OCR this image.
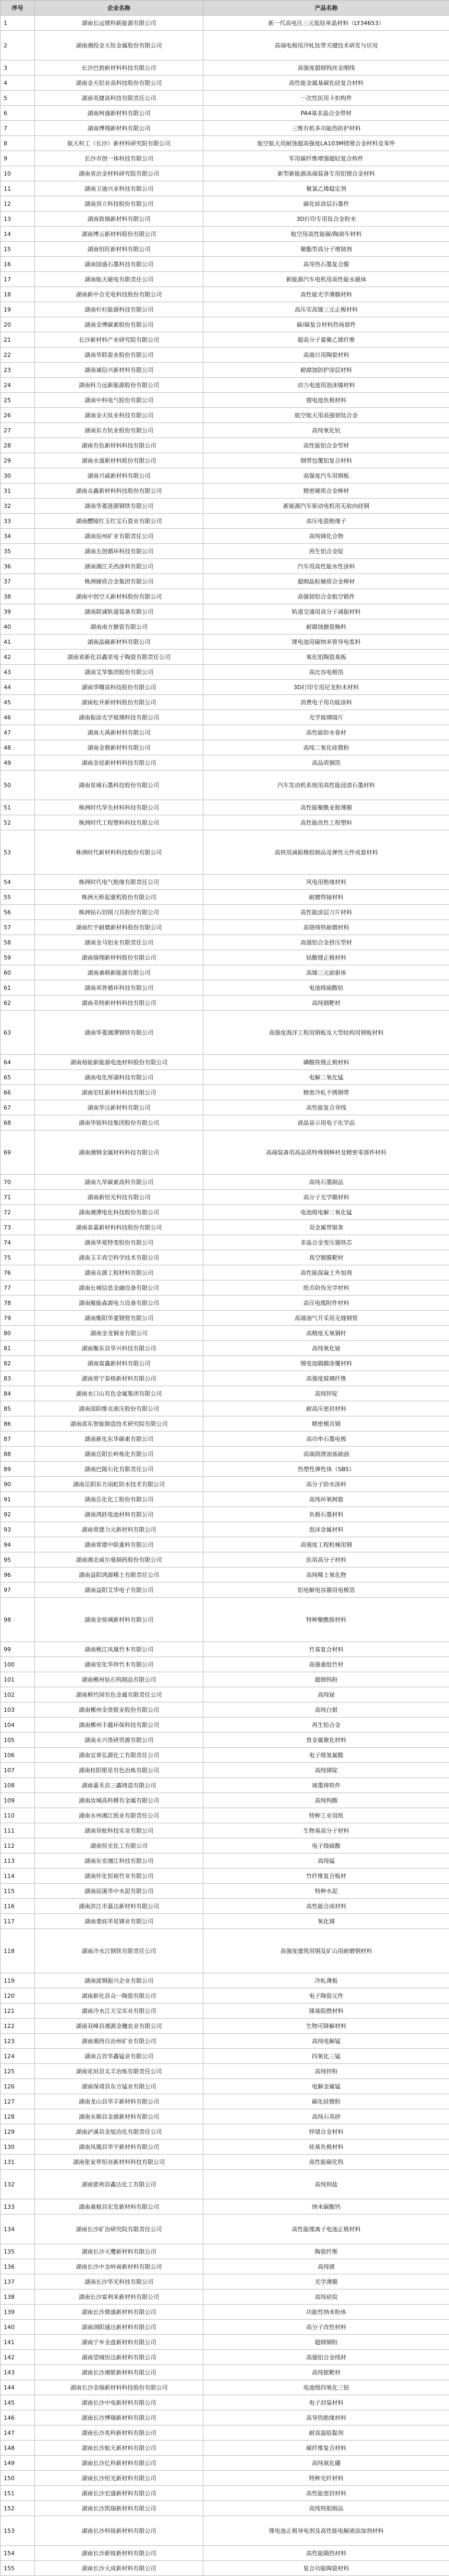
序号	企业名称	产品名称
1	湖南长远锂科新能源有限公司	新一代高电压三元低钴单晶材料（LY34653）
2	湖南湘投金天钛金属股份有限公司	高端电极用冷轧钛带关键技术研发与应用
3	长沙巴勃新材料科技有限公司	高强度超细钨丝金刚线
4	湖南金天铝业高科技股份有限公司	高性能金属基碳化硅复合材料
5	湖南英捷高科技有限责任公司	一次性医用卡扣构件
6	湖南柯盛新材料有限公司	PA4基非晶合金带材
7	湖南博翔新材料有限公司	三维有机多功能热防护材料
8	航天科工（长沙）新材料研究院有限公司	航空航天用耐蚀超高强度LA103M镁锂合金材料及零件
9	长沙市创一体科技有限公司	军用碳纤维增强超轻复合构件
10	湖南省冶金材料研究院有限公司	新型新能源高端装备专用铝锂合金材料
11	湖南卫迪兴业科技有限公司	聚氯乙烯稳定剂
12	湖南顶立科技股份有限公司	碳化硅涂层石墨件
13	湖南致瑞新材料有限公司	3D打印专用钛合金粉末
14	湖南博云新材料股份有限公司	航空用高性能碳/陶刹车材料
15	湖南恒旺新材料有限公司	聚酯型高分子增韧剂
16	湖南国盛石墨科技有限公司	高导热石墨复合膜
17	湖南航天磁电有限责任公司	新能源汽车电机用高性能永磁体
18	湖南新中合光电科技股份有限公司	高性能光学薄膜材料
19	湖南杉杉能源科技有限公司	高压实高镍三元正极材料
20	湖南金博碳素股份有限公司	碳/碳复合材料热场部件
21	长沙新材料产业研究院有限公司	超高分子量聚乙烯纤维
22	湖南华联瓷业股份有限公司	高端日用陶瓷材料
23	湖南诚信兴新材料有限公司	耐腐蚀防护涂层材料
24	湖南科力远新能源股份有限公司	动力电池用泡沫镍材料
25	湖南中科电气股份有限公司	锂电池负极材料
26	湖南金天钛业科技有限公司	航空航天用高强韧钛合金
27	湖南东方钪业股份有限公司	高纯氧化钪
28	湖南有色新材料科技有限公司	高性能铝合金型材
29	湖南永盛新材料股份有限公司	钢带包覆铝复合材料
30	湖南兴威新材料有限公司	高强度汽车用钢板
31	湖南众鑫新材料科技股份有限公司	精密硬质合金棒材
32	湖南华菱涟源钢铁有限公司	新能源汽车驱动电机用无取向硅钢
33	湖南醴陵红玉红宝石瓷业有限公司	高压电瓷绝缘子
34	湖南辰州矿业有限责任公司	高纯锑化合物
35	湖南五创循环科技有限公司	再生铝合金锭
36	湖南湘江关西涂料有限公司	汽车用高性能水性涂料
37	株洲硬质合金集团有限公司	超细晶粒硬质合金棒材
38	湖南中创空天新材料股份有限公司	高强韧铝合金航空锻件
39	湖南联诚轨道装备有限公司	轨道交通用高分子减振材料
40	湖南南方搪瓷有限公司	耐腐蚀搪瓷釉料
41	湖南晶碳新材料有限公司	锂电池用碳纳米管导电浆料
42	湖南省新化县鑫星电子陶瓷有限责任公司	氧化铝陶瓷基板
43	湖南艾华集团股份有限公司	高比容电极箔
44	湖南华曙高科技股份有限公司	3D打印专用尼龙粉末材料
45	湖南松井新材料股份有限公司	消费电子用功能涂料
46	湖南振添光学玻璃科技有限公司	光学玻璃镜片
47	湖南大禹新材料有限公司	高性能防水卷材
48	湖南金磐新材料有限公司	高纯二氧化硅微粉
49	湖南金昆新材料科技有限公司	高品质铜箔
50	湖南星城石墨科技股份有限公司	汽车发动机系统用高性能浸渍石墨材料
51	株洲时代华先材料科技有限公司	高性能聚酰亚胺薄膜
52	株洲时代工程塑料科技有限公司	高性能改性工程塑料
53	株洲时代新材料科技股份有限公司	高铁用减振橡胶制品及弹性元件成套材料
54	株洲时代电气绝缘有限责任公司	风电用绝缘材料
55	株洲天桥起重机股份有限公司	耐磨焊接材料
56	株洲钻石切削刀具股份有限公司	高性能涂层刀片材料
57	湖南红宇耐磨新材料股份有限公司	高铬铸铁耐磨材料
58	湖南金马铝业有限责任公司	高强铝合金挤压型材
59	湖南瑞翔新材料股份有限公司	钴酸锂正极材料
60	湖南桑顿新能源有限公司	高镍三元前驱体
61	湖南邦普循环科技有限公司	电池级硫酸钴
62	湖南美特新材料科技有限公司	高纯铟靶材
63	湖南华菱湘潭钢铁有限公司	高强度海洋工程用钢板及大型结构用钢板材料
64	湖南裕能新能源电池材料股份有限公司	磷酸铁锂正极材料
65	湖南电化厚浦科技有限公司	电解二氧化锰
66	湖南宏旺新材料科技有限公司	精密冷轧不锈钢带
67	湖南华达新材料有限公司	高性能复合导线
68	湖南华锐科技集团股份有限公司	液晶显示用电子化学品
69	湖南湘钢金属材料科技有限公司	高端装备用高品质特殊钢棒材及精密零部件材料
70	湖南九华碳素高科有限公司	高纯石墨制品
71	湖南新恒光科技有限公司	高分子光学膜材料
72	湖南湘潭电化科技股份有限公司	电池级电解二氧化锰
73	湖南泰嘉新材料科技股份有限公司	双金属带锯条
74	湖南华夏特变股份有限公司	非晶合金变压器铁芯
75	湖南玉丰真空科学技术有限公司	真空镀膜靶材
76	湖南众源工程材料有限公司	高性能混凝土外加剂
77	湖南长城信息金融设备有限公司	纸币防伪光学材料
78	湖南雁能森源电力设备有限公司	高压电缆附件材料
79	湖南衡阳华菱钢管有限公司	高端油气开采用无缝钢管
80	湖南金龙铜业有限公司	高精度无氧铜杆
81	湖南衡东县华兴科技有限公司	高纯氧化铋
82	湖南富鑫新材料有限公司	锂电池隔膜涂覆材料
83	湖南常宁泰格新材料有限公司	高强度玻璃纤维
84	湖南水口山有色金属集团有限公司	高纯锌锭
85	湖南邵阳维克液压股份有限公司	耐高压密封材料
86	湖南邵东智能制造技术研究院有限公司	精密模具钢
87	湖南新化东华碳素有限公司	高功率石墨电极
88	湖南岳阳长岭炼化有限公司	高端润滑油基础油
89	湖南巴陵石化有限责任公司	热塑性弹性体（SBS）
90	湖南岳阳东方雨虹防水技术有限公司	高分子防水涂料
91	湖南岳化化工股份有限公司	高纯环氧树脂
92	湖南鸿跃电池材料有限公司	负极石墨材料
93	湖南常德力元新材料有限公司	泡沫金属材料
94	湖南常德中联重科有限公司	高强度工程机械用钢
95	湖南湘北威尔曼制药股份有限公司	医用高分子材料
96	湖南益阳鸿源稀土有限责任公司	高纯稀土氧化物
97	湖南益阳艾华电子有限公司	铝电解电容器用电极箔
98	湖南金侯城新材料有限公司	特种聚酰胺材料
99	湖南桃江凤凰竹木有限公司	竹基复合材料
100	湖南安化华珍竹木有限公司	高强重组竹材
101	湖南郴州钻石钨制品有限公司	超细钨粉
102	湖南柿竹园有色金属有限责任公司	高纯铋
103	湖南郴州金贵银业股份有限公司	高纯白银
104	湖南郴州丰越环保科技有限公司	再生铅合金
105	湖南永兴贵研资源有限公司	贵金属催化材料
106	湖南宜章弘源化工有限责任公司	电子级氢氟酸
107	湖南桂阳银星有色冶炼有限公司	高纯锑锭
108	湖南嘉禾县三鑫铸造有限公司	球墨铸铁件
109	湖南汝城高科稀有金属有限公司	高纯钨酸
110	湖南永州湘江纸业有限责任公司	特种工业用纸
111	湖南异蛇科技实业有限公司	生物基高分子材料
112	湖南恒光化工有限公司	电子级硫酸
113	湖南东安湘江科技有限公司	高纯锰
114	湖南怀化恒裕竹业有限公司	竹纤维复合板材
115	湖南辰溪华中水泥有限公司	特种水泥
116	湖南洪江市嘉达新材料有限公司	高性能合成材料
117	湖南娄底华星锑业有限公司	氧化锑
118	湖南冷水江钢铁有限责任公司	高强度建筑用钢及矿山用耐磨钢材料
119	湖南涟钢振兴企业有限公司	冷轧薄板
120	湖南新化县众一陶瓷有限公司	电子陶瓷元件
121	湖南冷水江天宝实业有限公司	锑基阻燃材料
122	湖南双峰县湘源金穗农业有限公司	生物可降解材料
123	湖南湘西自治州矿业有限公司	高纯电解锰
124	湖南吉首华鑫锰业有限公司	四氧化三锰
125	湖南花垣县太丰冶炼有限责任公司	高纯锌粉
126	湖南保靖县东方锰业有限公司	电解金属锰
127	湖南龙山县华丰新材料有限公司	碳化硅微粉
128	湖南永顺县金源新材料有限公司	高纯石英砂
129	湖南泸溪县金旭冶化有限责任公司	锌锗合金材料
130	湖南凤凰县华宇新材料有限公司	硅基负极材料
131	湖南张家界恒亮新材料科技有限公司	高性能碳化钨
132	湖南慈利县鑫达化工有限公司	高纯钡盐
133	湖南桑植县宏发新材料有限公司	纳米碳酸钙
134	湖南长沙矿冶研究院有限责任公司	高性能锂离子电池正极材料
135	湖南长沙天鹰新材料有限公司	陶瓷纤维
136	湖南长沙中金岭南新材料有限公司	高纯锗
137	湖南长沙华光科技有限公司	光学薄膜
138	湖南长沙富利来新材料有限公司	高纯硅烷
139	湖南长沙鼎盛新材料有限公司	功能性纳米粉体
140	湖南浏阳通达新材料有限公司	高分子改性材料
141	湖南宁乡金盘新材料有限公司	超细铜粉
142	湖南望城恒达新材料有限公司	高强铝合金线材
143	湖南长沙湘银新材料有限公司	高纯银靶材
144	湖南长沙金瑞新材料科技股份有限公司	电池级四氧化三钴
145	湖南长沙中电新材料有限公司	电子封装材料
146	湖南长沙博瑞新材料有限公司	高导热绝缘材料
147	湖南长沙兆科新材料有限公司	耐高温胶黏剂
148	湖南长沙航天新材料有限公司	碳纤维复合材料
149	湖南长沙亿科新材料有限公司	高纯氮化硼
150	湖南长沙恒光新材料有限公司	特种光纤材料
151	湖南长沙宏盛新材料有限公司	高性能密封材料
152	湖南长沙凯瑞新材料有限公司	高纯钨钼制品
153	湖南长沙科锐新材料有限公司	锂电池正极导电剂及高性能电解液添加剂材料
154	湖南长沙新锐新材料有限公司	高性能隔热材料
155	湖南长沙天成新材料有限公司	复合功能陶瓷材料
